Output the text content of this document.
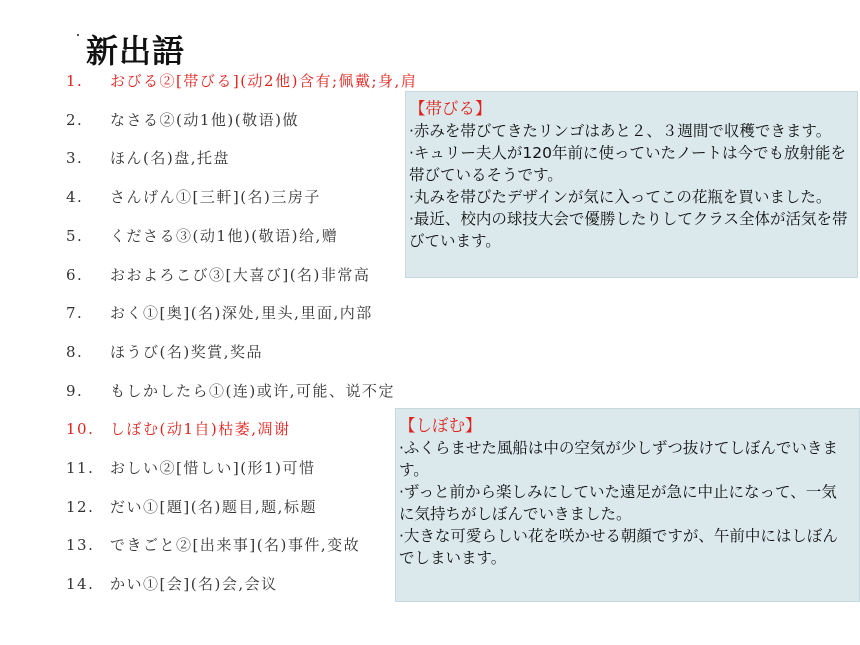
新出語
1. おびる②[帯びる](动2他)含有;佩戴;身,肩
2. なさる②(动1他)(敬语)做
3. ほん(名)盘,托盘
4. さんげん①[三軒](名)三房子
5. くださる③(动1他)(敬语)给,赠
6. おおよろこび③[大喜び](名)非常高
7. おく①[奥](名)深处,里头,里面,内部
8. ほうび(名)奖賞,奖品
9. もしかしたら①(连)或许,可能、说不定
10. しぼむ(动1自)枯萎,凋谢
11. おしい②[惜しい](形1)可惜
12. だい①[題](名)题目,题,标题
13. できごと②[出来事](名)事件,变故
14. かい①[会](名)会,会议
【帯びる】
·赤みを帯びてきたリンゴはあと２、３週間で収穫できます。
·キュリー夫人が120年前に使っていたノートは今でも放射能を帯びているそうです。
·丸みを帯びたデザインが気に入ってこの花瓶を買いました。
·最近、校内の球技大会で優勝したりしてクラス全体が活気を帯びています。
【しぼむ】
·ふくらませた風船は中の空気が少しずつ抜けてしぼんでいきます。
·ずっと前から楽しみにしていた遠足が急に中止になって、一気に気持ちがしぼんでいきました。
·大きな可愛らしい花を咲かせる朝顔ですが、午前中にはしぼんでしまいます。
